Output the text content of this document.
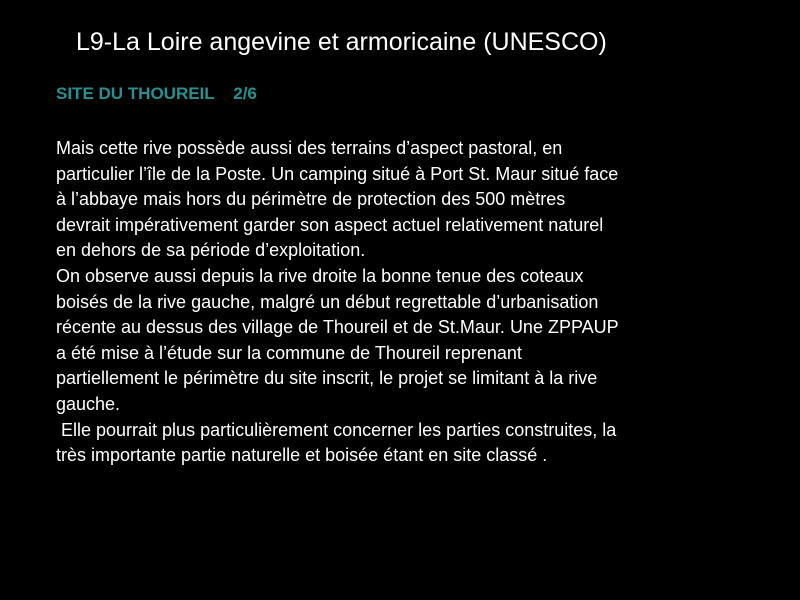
L9-La Loire angevine et armoricaine (UNESCO)
SITE DU THOUREIL    2/6
Mais cette rive possède aussi des terrains d’aspect pastoral, en
particulier l’île de la Poste. Un camping situé à Port St. Maur situé face
à l’abbaye mais hors du périmètre de protection des 500 mètres
devrait impérativement garder son aspect actuel relativement naturel
en dehors de sa période d’exploitation.
On observe aussi depuis la rive droite la bonne tenue des coteaux
boisés de la rive gauche, malgré un début regrettable d’urbanisation
récente au dessus des village de Thoureil et de St.Maur. Une ZPPAUP
a été mise à l’étude sur la commune de Thoureil reprenant
partiellement le périmètre du site inscrit, le projet se limitant à la rive
gauche.
Elle pourrait plus particulièrement concerner les parties construites, la
très importante partie naturelle et boisée étant en site classé .
